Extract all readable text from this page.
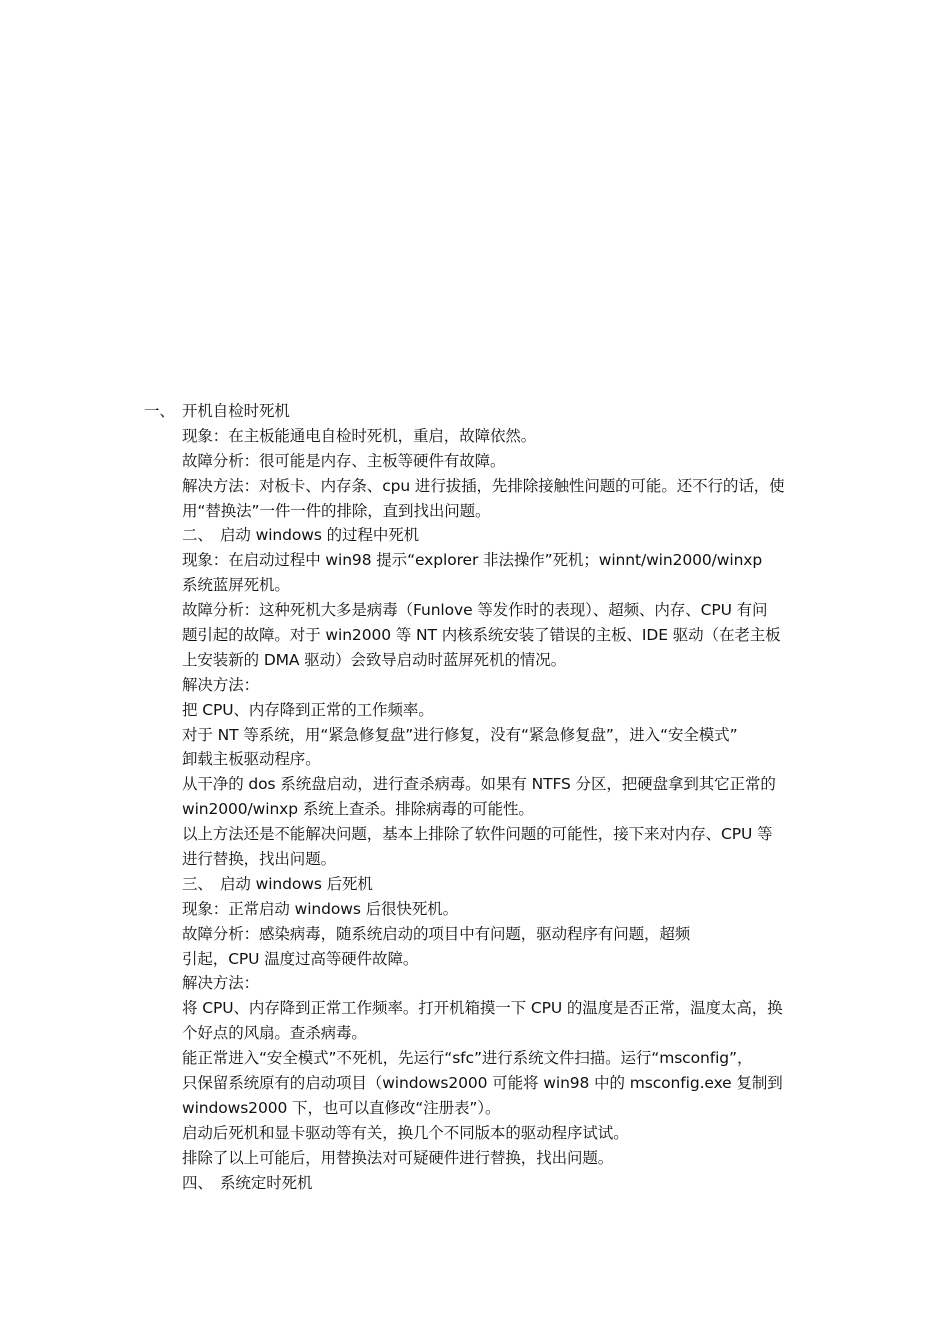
一、 开机自检时死机
现象：在主板能通电自检时死机，重启，故障依然。
故障分析：很可能是内存、主板等硬件有故障。
解决方法：对板卡、内存条、cpu 进行拔插，先排除接触性问题的可能。还不行的话，使
用“替换法”一件一件的排除，直到找出问题。
二、 启动 windows 的过程中死机
现象：在启动过程中 win98 提示“explorer 非法操作”死机；winnt/win2000/winxp
系统蓝屏死机。
故障分析：这种死机大多是病毒（Funlove 等发作时的表现）、超频、内存、CPU 有问
题引起的故障。对于 win2000 等 NT 内核系统安装了错误的主板、IDE 驱动（在老主板
上安装新的 DMA 驱动）会致导启动时蓝屏死机的情况。
解决方法：
把 CPU、内存降到正常的工作频率。
对于 NT 等系统，用“紧急修复盘”进行修复，没有“紧急修复盘”，进入“安全模式”
卸载主板驱动程序。
从干净的 dos 系统盘启动，进行查杀病毒。如果有 NTFS 分区，把硬盘拿到其它正常的
win2000/winxp 系统上查杀。排除病毒的可能性。
以上方法还是不能解决问题，基本上排除了软件问题的可能性，接下来对内存、CPU 等
进行替换，找出问题。
三、 启动 windows 后死机
现象：正常启动 windows 后很快死机。
故障分析：感染病毒，随系统启动的项目中有问题，驱动程序有问题，超频
引起，CPU 温度过高等硬件故障。
解决方法：
将 CPU、内存降到正常工作频率。打开机箱摸一下 CPU 的温度是否正常，温度太高，换
个好点的风扇。查杀病毒。
能正常进入“安全模式”不死机，先运行“sfc”进行系统文件扫描。运行“msconfig”，
只保留系统原有的启动项目（windows2000 可能将 win98 中的 msconfig.exe 复制到
windows2000 下，也可以直修改“注册表”）。
启动后死机和显卡驱动等有关，换几个不同版本的驱动程序试试。
排除了以上可能后，用替换法对可疑硬件进行替换，找出问题。
四、 系统定时死机
